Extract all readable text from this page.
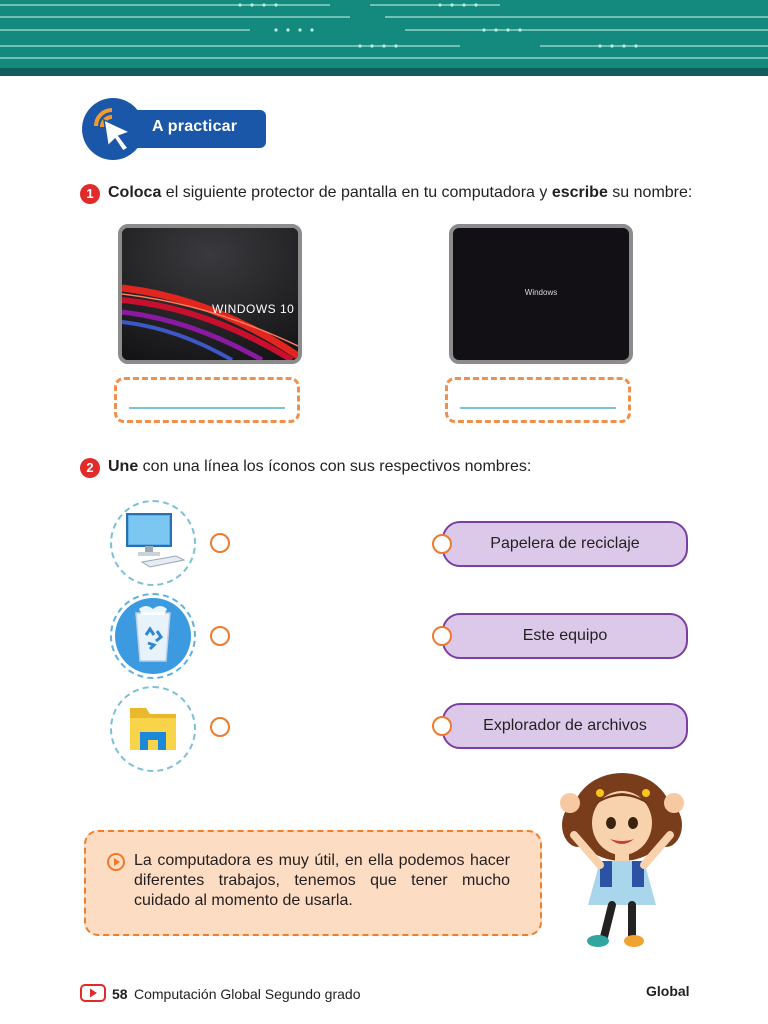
A practicar
1 Coloca el siguiente protector de pantalla en tu computadora y escribe su nombre:
WINDOWS 10
Windows
2 Une con una línea los íconos con sus respectivos nombres:
Papelera de reciclaje
Este equipo
Explorador de archivos
La computadora es muy útil, en ella podemos hacer diferentes trabajos, tenemos que tener mucho cuidado al momento de usarla.
58 Computación Global Segundo grado	Global
